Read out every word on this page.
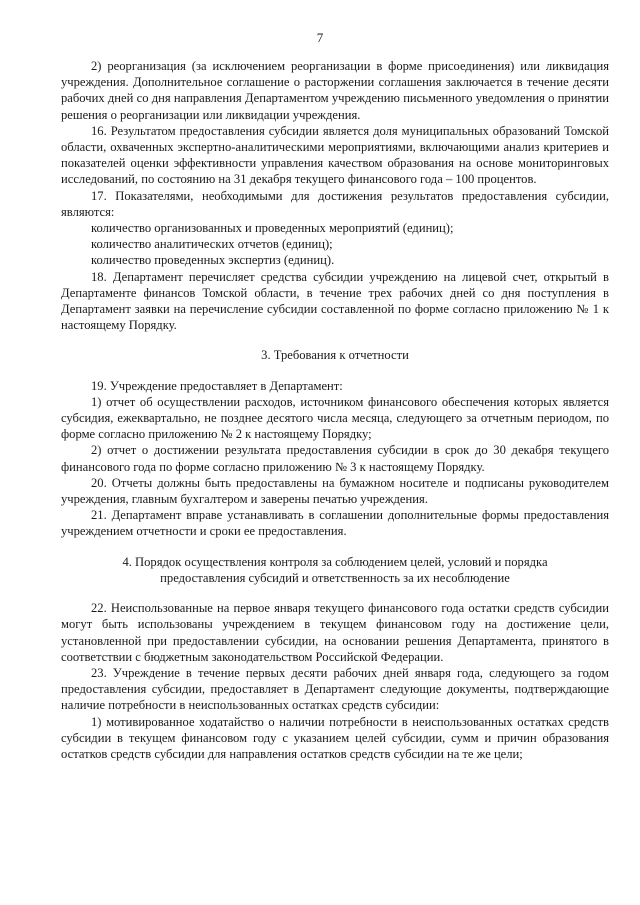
7

2) реорганизация (за исключением реорганизации в форме присоединения) или ликвидация учреждения. Дополнительное соглашение о расторжении соглашения заключается в течение десяти рабочих дней со дня направления Департаментом учреждению письменного уведомления о принятии решения о реорганизации или ликвидации учреждения.

16. Результатом предоставления субсидии является доля муниципальных образований Томской области, охваченных экспертно-аналитическими мероприятиями, включающими анализ критериев и показателей оценки эффективности управления качеством образования на основе мониторинговых исследований, по состоянию на 31 декабря текущего финансового года – 100 процентов.

17. Показателями, необходимыми для достижения результатов предоставления субсидии, являются:

количество организованных и проведенных мероприятий (единиц);

количество аналитических отчетов (единиц);

количество проведенных экспертиз (единиц).

18. Департамент перечисляет средства субсидии учреждению на лицевой счет, открытый в Департаменте финансов Томской области, в течение трех рабочих дней со дня поступления в Департамент заявки на перечисление субсидии составленной по форме согласно приложению № 1 к настоящему Порядку.

3. Требования к отчетности

19. Учреждение предоставляет в Департамент:

1) отчет об осуществлении расходов, источником финансового обеспечения которых является субсидия, ежеквартально, не позднее десятого числа месяца, следующего за отчетным периодом, по форме согласно приложению № 2 к настоящему Порядку;

2) отчет о достижении результата предоставления субсидии в срок до 30 декабря текущего финансового года по форме согласно приложению № 3 к настоящему Порядку.

20. Отчеты должны быть предоставлены на бумажном носителе и подписаны руководителем учреждения, главным бухгалтером и заверены печатью учреждения.

21. Департамент вправе устанавливать в соглашении дополнительные формы предоставления учреждением отчетности и сроки ее предоставления.

4. Порядок осуществления контроля за соблюдением целей, условий и порядка

предоставления субсидий и ответственность за их несоблюдение

22. Неиспользованные на первое января текущего финансового года остатки средств субсидии могут быть использованы учреждением в текущем финансовом году на достижение цели, установленной при предоставлении субсидии, на основании решения Департамента, принятого в соответствии с бюджетным законодательством Российской Федерации.

23. Учреждение в течение первых десяти рабочих дней января года, следующего за годом предоставления субсидии, предоставляет в Департамент следующие документы, подтверждающие наличие потребности в неиспользованных остатках средств субсидии:

1) мотивированное ходатайство о наличии потребности в неиспользованных остатках средств субсидии в текущем финансовом году с указанием целей субсидии, сумм и причин образования остатков средств субсидии для направления остатков средств субсидии на те же цели;
